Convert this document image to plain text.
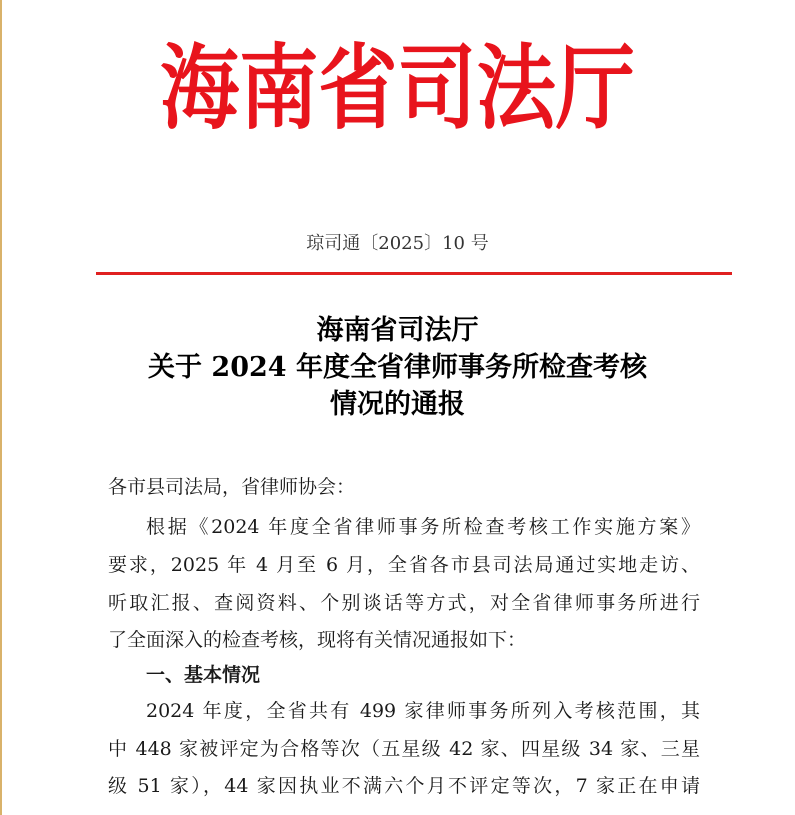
海南省司法厅
琼司通〔2025〕10 号
海南省司法厅
关于 2024 年度全省律师事务所检查考核
情况的通报
各市县司法局，省律师协会：
根据《2024 年度全省律师事务所检查考核工作实施方案》
要求，2025 年 4 月至 6 月，全省各市县司法局通过实地走访、
听取汇报、查阅资料、个别谈话等方式，对全省律师事务所进行
了全面深入的检查考核，现将有关情况通报如下：
一、基本情况
2024 年度，全省共有 499 家律师事务所列入考核范围，其
中 448 家被评定为合格等次（五星级 42 家、四星级 34 家、三星
级 51 家），44 家因执业不满六个月不评定等次，7 家正在申请
